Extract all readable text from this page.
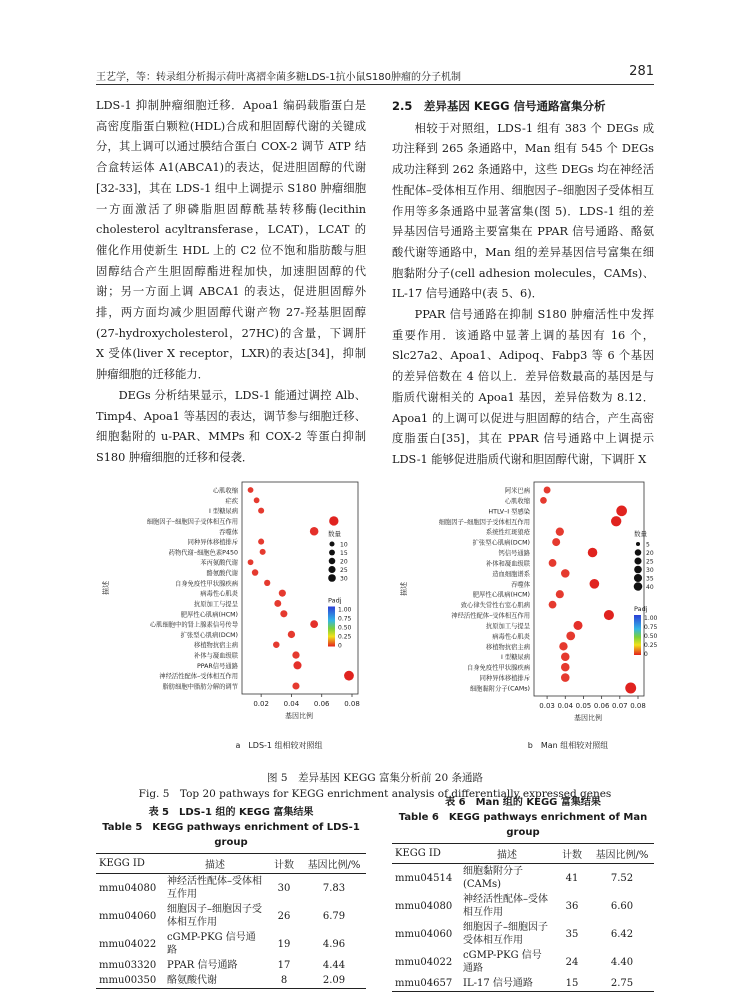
王艺学，等：转录组分析揭示荷叶离褶伞菌多糖LDS-1抗小鼠S180肿瘤的分子机制	281

LDS-1 抑制肿瘤细胞迁移．Apoa1 编码载脂蛋白是高密度脂蛋白颗粒(HDL)合成和胆固醇代谢的关键成分，其上调可以通过膜结合蛋白 COX-2 调节 ATP 结合盒转运体 A1(ABCA1)的表达，促进胆固醇的代谢[32-33]，其在 LDS-1 组中上调提示 S180 肿瘤细胞一方面激活了卵磷脂胆固醇酰基转移酶(lecithin cholesterol acyltransferase，LCAT)，LCAT 的催化作用使新生 HDL 上的 C2 位不饱和脂肪酸与胆固醇结合产生胆固醇酯进程加快，加速胆固醇的代谢；另一方面上调 ABCA1 的表达，促进胆固醇外排，两方面均减少胆固醇代谢产物 27-羟基胆固醇(27-hydroxycholesterol，27HC)的含量，下调肝 X 受体(liver X receptor，LXR)的表达[34]，抑制肿瘤细胞的迁移能力．

DEGs 分析结果显示，LDS-1 能通过调控 Alb、Timp4、Apoa1 等基因的表达，调节参与细胞迁移、细胞黏附的 u-PAR、MMPs 和 COX-2 等蛋白抑制 S180 肿瘤细胞的迁移和侵袭．

2.5　差异基因 KEGG 信号通路富集分析

相较于对照组，LDS-1 组有 383 个 DEGs 成功注释到 265 条通路中，Man 组有 545 个 DEGs 成功注释到 262 条通路中，这些 DEGs 均在神经活性配体–受体相互作用、细胞因子–细胞因子受体相互作用等多条通路中显著富集(图 5)．LDS-1 组的差异基因信号通路主要富集在 PPAR 信号通路、酪氨酸代谢等通路中，Man 组的差异基因信号富集在细胞黏附分子(cell adhesion molecules，CAMs)、IL-17 信号通路中(表 5、6)．

PPAR 信号通路在抑制 S180 肿瘤活性中发挥重要作用．该通路中显著上调的基因有 16 个，Slc27a2、Apoa1、Adipoq、Fabp3 等 6 个基因的差异倍数在 4 倍以上．差异倍数最高的基因是与脂质代谢相关的 Apoa1 基因，差异倍数为 8.12．Apoa1 的上调可以促进与胆固醇的结合，产生高密度脂蛋白[35]，其在 PPAR 信号通路中上调提示 LDS-1 能够促进脂质代谢和胆固醇代谢，下调肝 X

心肌收缩
疟疾
I 型糖尿病
细胞因子–细胞因子受体相互作用
吞噬体
同种异体移植排斥
药物代谢–细胞色素P450
苯丙氨酸代谢
酪氨酸代谢
自身免疫性甲状腺疾病
病毒性心肌炎
抗原加工与提呈
肥厚性心肌病(HCM)
心肌细胞中的肾上腺素信号传导
扩张型心肌病(DCM)
移植物抗宿主病
补体与凝血级联
PPAR信号通路
神经活性配体–受体相互作用
脂肪细胞中脂肪分解的调节
0.02 0.04 0.06 0.08
基因比例
描述
数量
10
15
20
25
30
Padj
1.00
0.75
0.50
0.25
0
a　LDS-1 组相较对照组
阿米巴病
心肌收缩
HTLV–I 型感染
细胞因子–细胞因子受体相互作用
系统性红斑狼疮
扩张型心肌病(DCM)
钙信号通路
补体和凝血级联
造血细胞谱系
吞噬体
肥厚性心肌病(HCM)
致心律失常性右室心肌病
神经活性配体–受体相互作用
抗原加工与提呈
病毒性心肌炎
移植物抗宿主病
I 型糖尿病
自身免疫性甲状腺疾病
同种异体移植排斥
细胞黏附分子(CAMs)
0.03 0.04 0.05 0.06 0.07 0.08
基因比例
描述
数量
5
20
25
30
35
40
Padj
1.00
0.75
0.50
0.25
0
b　Man 组相较对照组
图 5　差异基因 KEGG 富集分析前 20 条通路
Fig. 5　Top 20 pathways for KEGG enrichment analysis of differentially expressed genes
表 5　LDS-1 组的 KEGG 富集结果
Table 5　KEGG pathways enrichment of LDS-1 group
KEGG ID	描述	计数	基因比例/%
mmu04080	神经活性配体–受体相互作用	30	7.83
mmu04060	细胞因子–细胞因子受体相互作用	26	6.79
mmu04022	cGMP-PKG 信号通路	19	4.96
mmu03320	PPAR 信号通路	17	4.44
mmu00350	酪氨酸代谢	8	2.09
表 6　Man 组的 KEGG 富集结果
Table 6　KEGG pathways enrichment of Man group
KEGG ID	描述	计数	基因比例/%
mmu04514	细胞黏附分子(CAMs)	41	7.52
mmu04080	神经活性配体–受体相互作用	36	6.60
mmu04060	细胞因子–细胞因子受体相互作用	35	6.42
mmu04022	cGMP-PKG 信号通路	24	4.40
mmu04657	IL-17 信号通路	15	2.75
